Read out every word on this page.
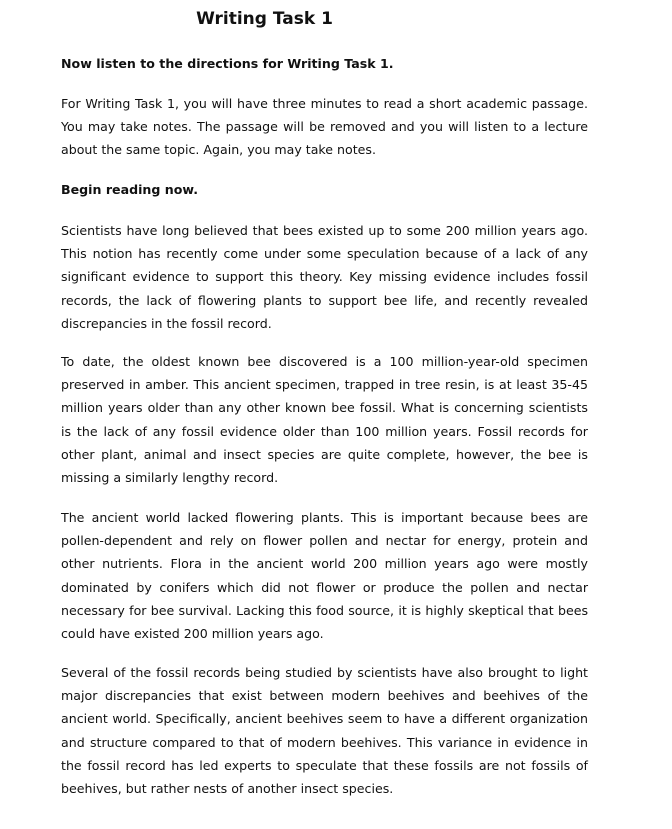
Writing Task 1

Now listen to the directions for Writing Task 1.

For Writing Task 1, you will have three minutes to read a short academic passage. You may take notes. The passage will be removed and you will listen to a lecture about the same topic. Again, you may take notes.

Begin reading now.

Scientists have long believed that bees existed up to some 200 million years ago. This notion has recently come under some speculation because of a lack of any significant evidence to support this theory. Key missing evidence includes fossil records, the lack of flowering plants to support bee life, and recently revealed discrepancies in the fossil record.

To date, the oldest known bee discovered is a 100 million-year-old specimen preserved in amber. This ancient specimen, trapped in tree resin, is at least 35-45 million years older than any other known bee fossil. What is concerning scientists is the lack of any fossil evidence older than 100 million years. Fossil records for other plant, animal and insect species are quite complete, however, the bee is missing a similarly lengthy record.

The ancient world lacked flowering plants. This is important because bees are pollen-dependent and rely on flower pollen and nectar for energy, protein and other nutrients. Flora in the ancient world 200 million years ago were mostly dominated by conifers which did not flower or produce the pollen and nectar necessary for bee survival. Lacking this food source, it is highly skeptical that bees could have existed 200 million years ago.

Several of the fossil records being studied by scientists have also brought to light major discrepancies that exist between modern beehives and beehives of the ancient world. Specifically, ancient beehives seem to have a different organization and structure compared to that of modern beehives. This variance in evidence in the fossil record has led experts to speculate that these fossils are not fossils of beehives, but rather nests of another insect species.
